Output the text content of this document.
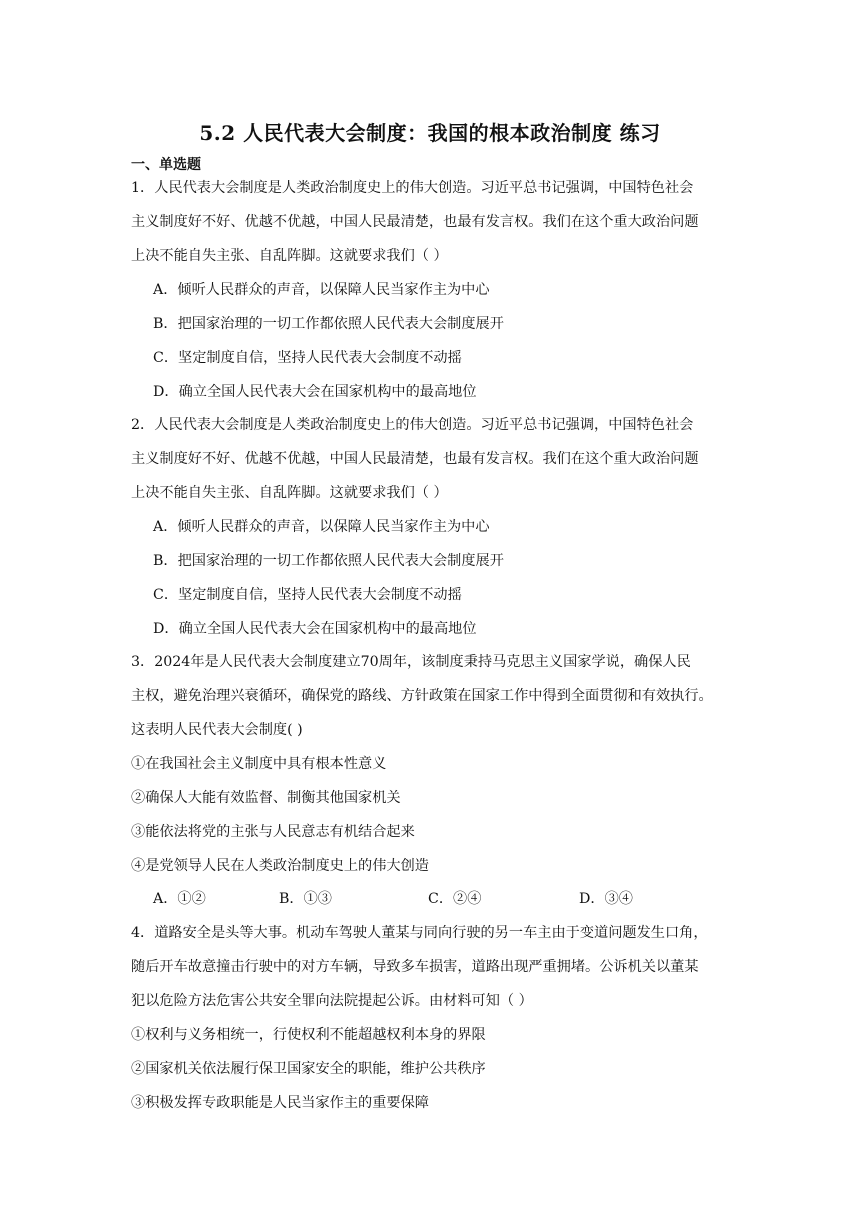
5.2 人民代表大会制度：我国的根本政治制度 练习
一、单选题
1．人民代表大会制度是人类政治制度史上的伟大创造。习近平总书记强调，中国特色社会
主义制度好不好、优越不优越，中国人民最清楚，也最有发言权。我们在这个重大政治问题
上决不能自失主张、自乱阵脚。这就要求我们（ ）
A．倾听人民群众的声音，以保障人民当家作主为中心
B．把国家治理的一切工作都依照人民代表大会制度展开
C．坚定制度自信，坚持人民代表大会制度不动摇
D．确立全国人民代表大会在国家机构中的最高地位
2．人民代表大会制度是人类政治制度史上的伟大创造。习近平总书记强调，中国特色社会
主义制度好不好、优越不优越，中国人民最清楚，也最有发言权。我们在这个重大政治问题
上决不能自失主张、自乱阵脚。这就要求我们（ ）
A．倾听人民群众的声音，以保障人民当家作主为中心
B．把国家治理的一切工作都依照人民代表大会制度展开
C．坚定制度自信，坚持人民代表大会制度不动摇
D．确立全国人民代表大会在国家机构中的最高地位
3．2024年是人民代表大会制度建立70周年，该制度秉持马克思主义国家学说，确保人民
主权，避免治理兴衰循环，确保党的路线、方针政策在国家工作中得到全面贯彻和有效执行。
这表明人民代表大会制度( )
①在我国社会主义制度中具有根本性意义
②确保人大能有效监督、制衡其他国家机关
③能依法将党的主张与人民意志有机结合起来
④是党领导人民在人类政治制度史上的伟大创造
A．①②	B．①③	C．②④	D．③④
4．道路安全是头等大事。机动车驾驶人董某与同向行驶的另一车主由于变道问题发生口角，
随后开车故意撞击行驶中的对方车辆，导致多车损害，道路出现严重拥堵。公诉机关以董某
犯以危险方法危害公共安全罪向法院提起公诉。由材料可知（ ）
①权利与义务相统一，行使权利不能超越权利本身的界限
②国家机关依法履行保卫国家安全的职能，维护公共秩序
③积极发挥专政职能是人民当家作主的重要保障
